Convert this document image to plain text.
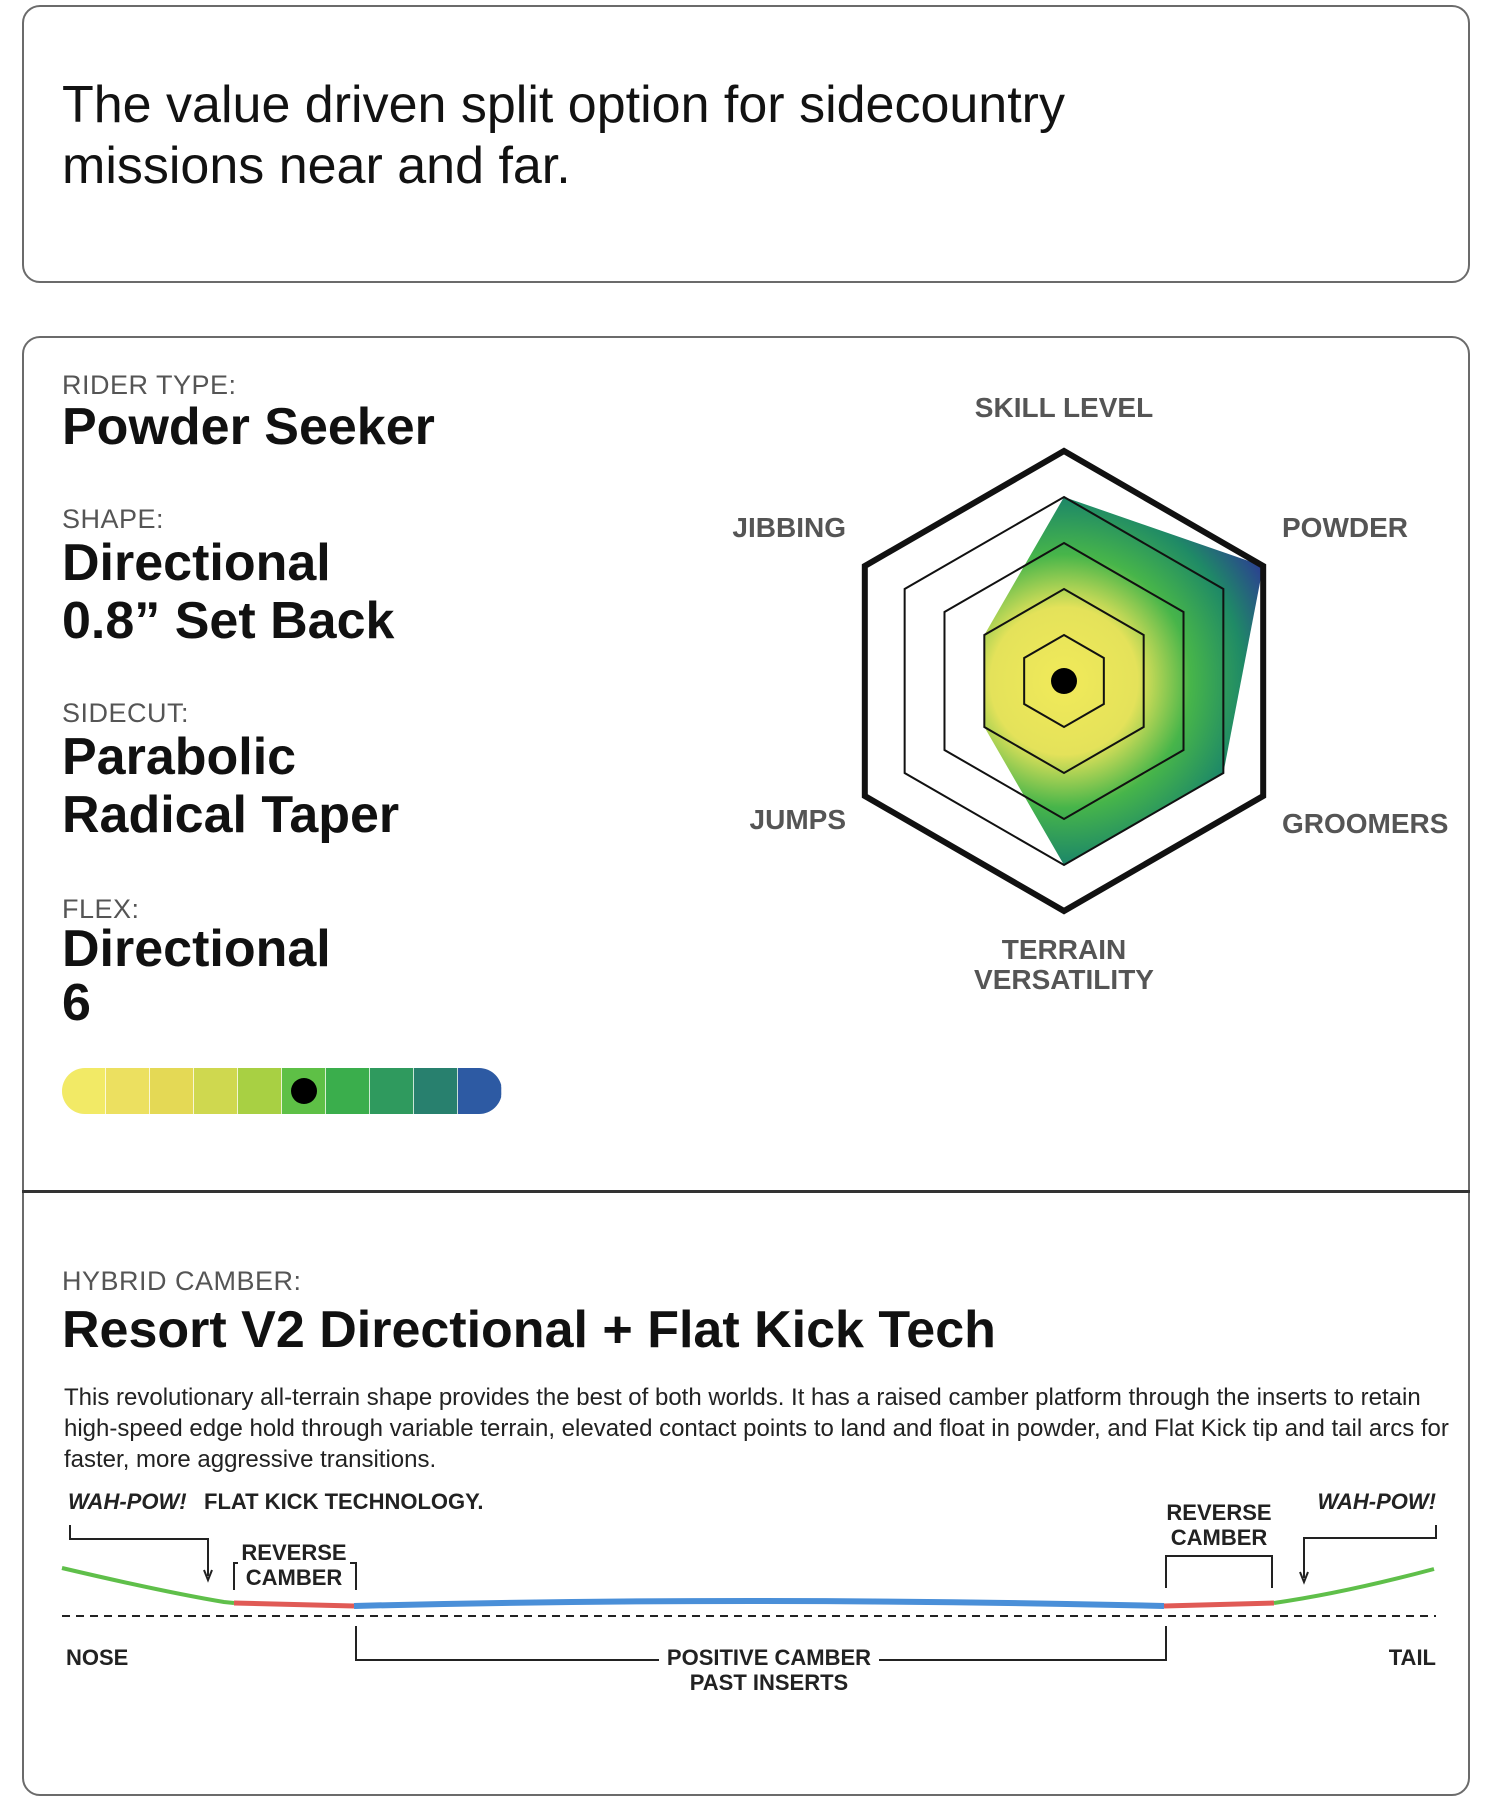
The value driven split option for sidecountry missions near and far.

RIDER TYPE:

Powder Seeker

SHAPE:

Directional
0.8” Set Back

SIDECUT:

Parabolic
Radical Taper

FLEX:

Directional
6
SKILL LEVEL
POWDER
GROOMERS
TERRAIN
VERSATILITY
JUMPS
JIBBING

HYBRID CAMBER:

Resort V2 Directional + Flat Kick Tech

This revolutionary all-terrain shape provides the best of both worlds. It has a raised camber platform through the inserts to retain high-speed edge hold through variable terrain, elevated contact points to land and float in powder, and Flat Kick tip and tail arcs for faster, more aggressive transitions.

WAH-POW! FLAT KICK TECHNOLOGY.
REVERSE
CAMBER
REVERSE
CAMBER
WAH-POW!
NOSE	TAIL
POSITIVE CAMBER
PAST INSERTS
